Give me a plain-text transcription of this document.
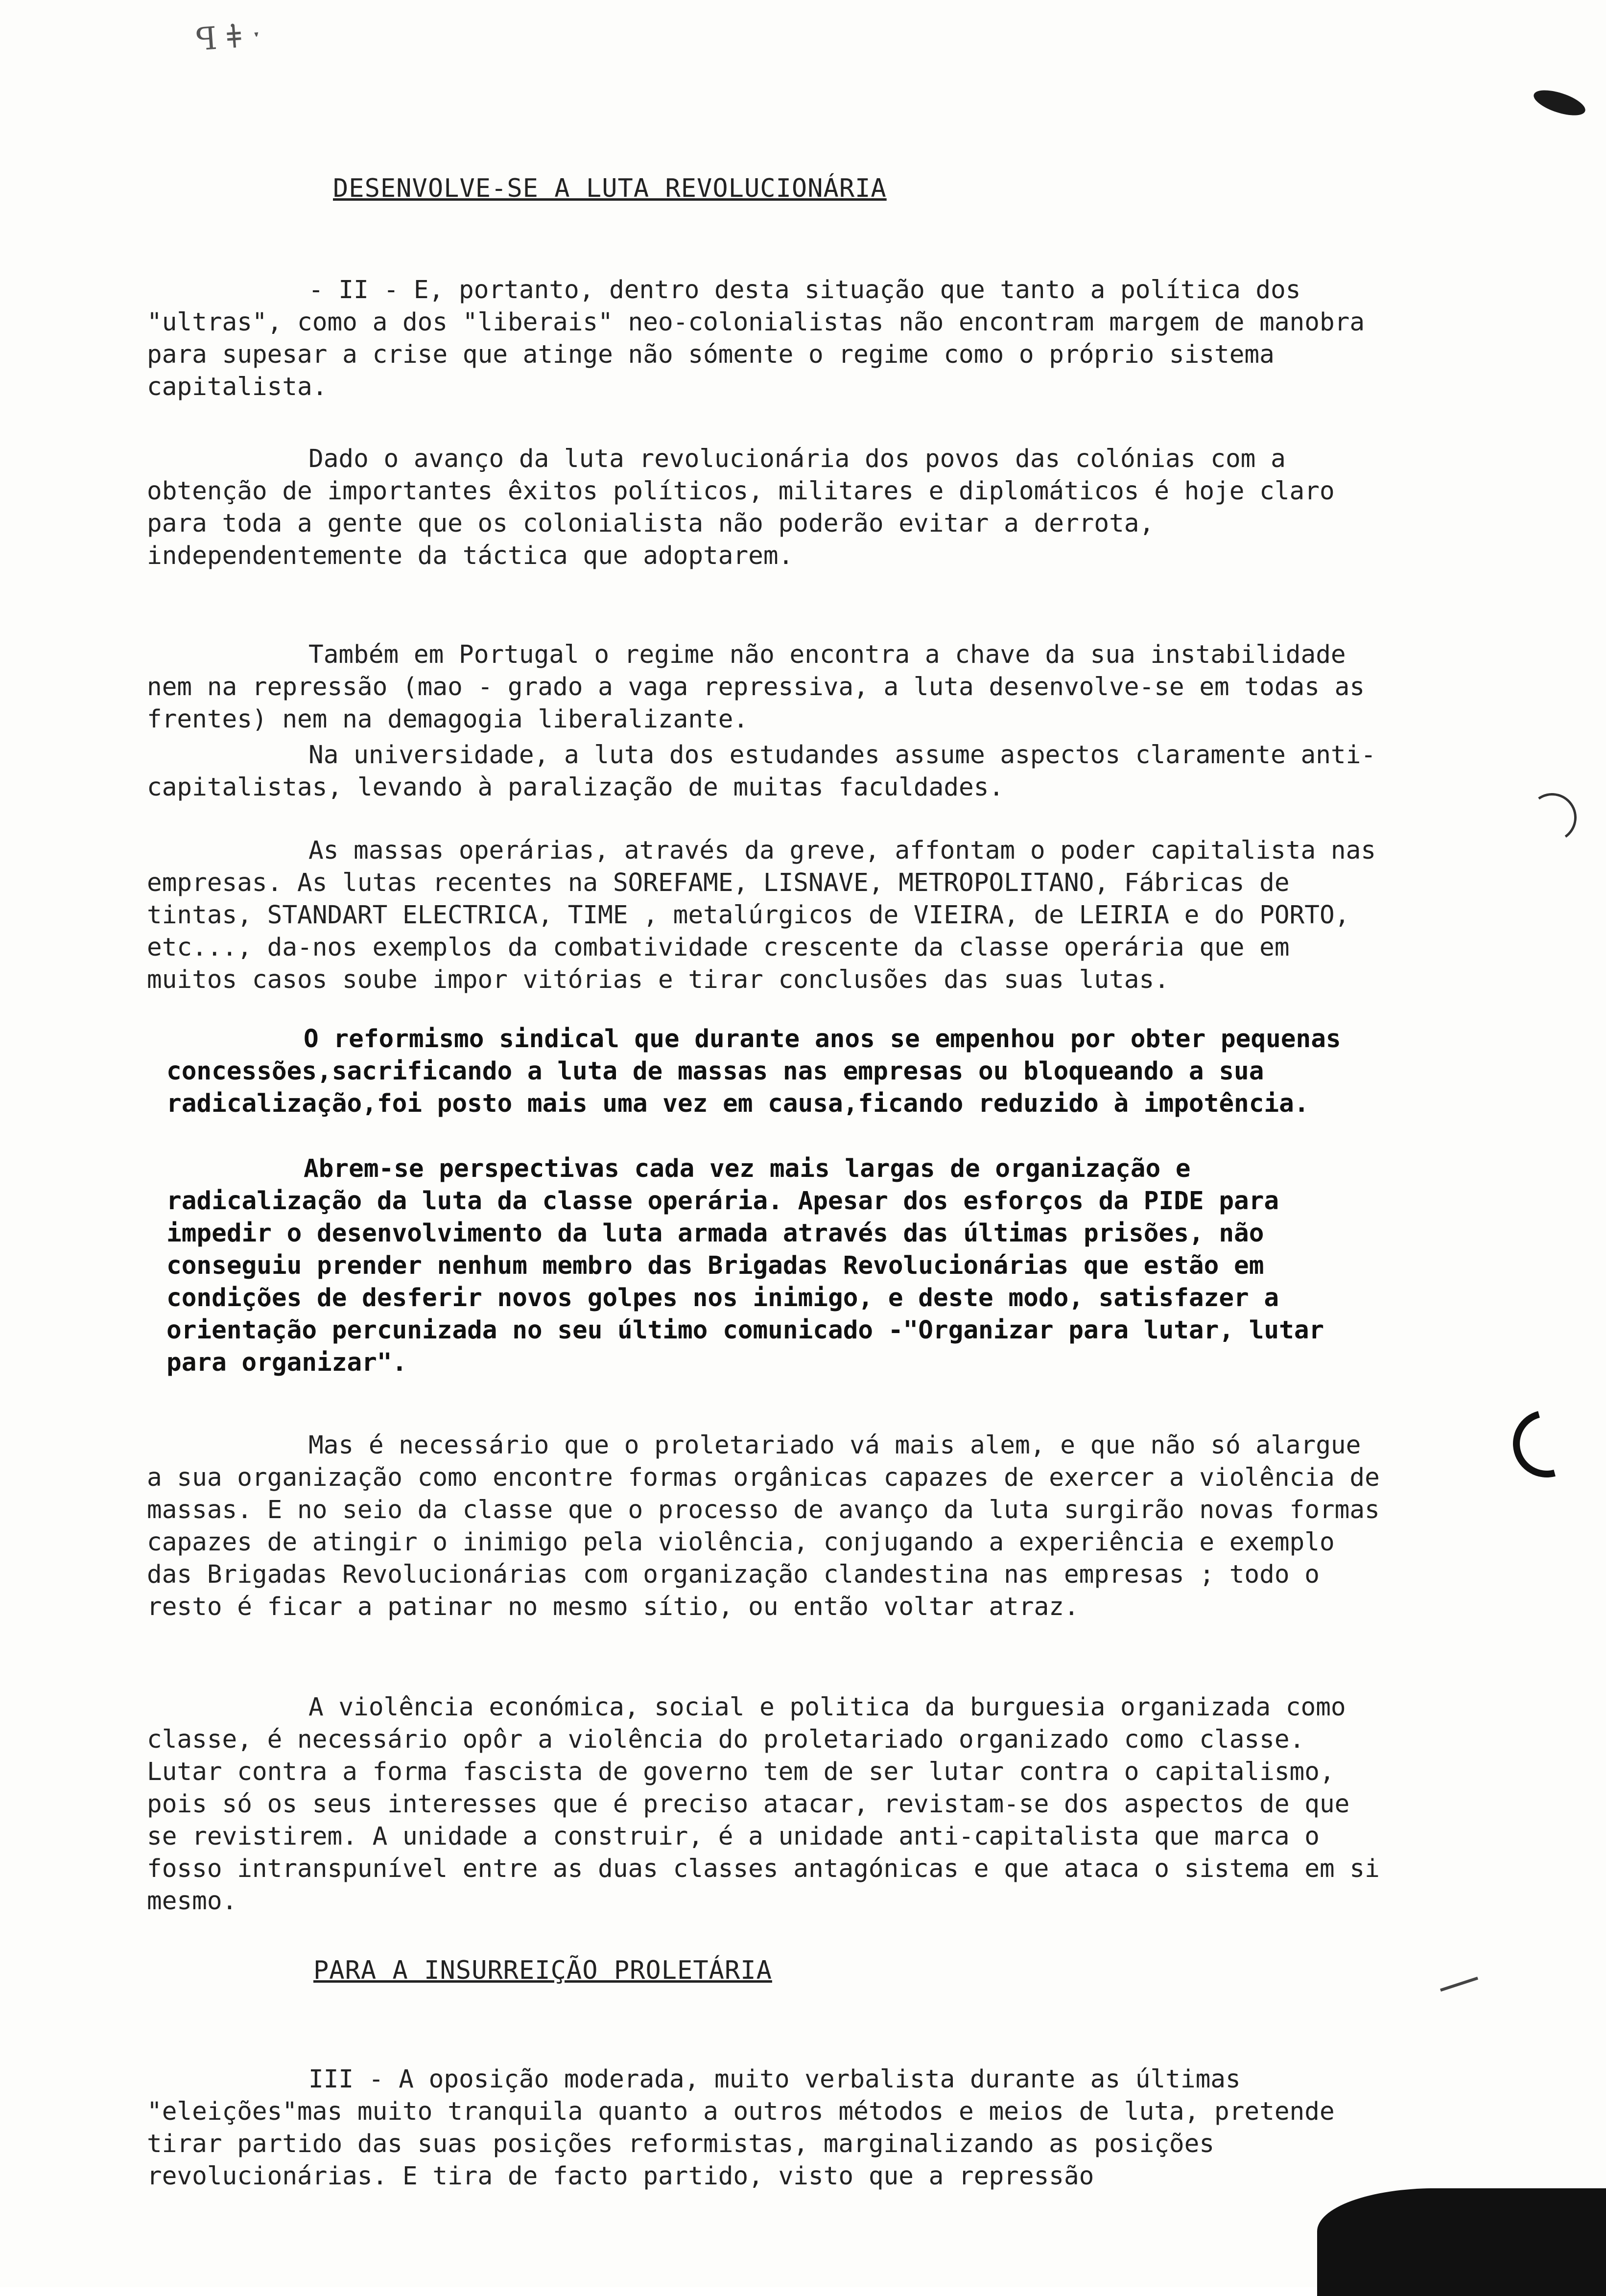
ꟼ ǂ̇ ˑ
DESENVOLVE-SE A LUTA REVOLUCIONÁRIA

- II - E, portanto, dentro desta situação que tanto a política dos "ultras", como a dos "liberais" neo-colonialistas não encontram margem de manobra para supesar a crise que atinge não sómente o regime como o próprio sistema capitalista.

Dado o avanço da luta revolucionária dos povos das colónias com a obtenção de importantes êxitos políticos, militares e diplomáticos é hoje claro para toda a gente que os colonialista não poderão evitar a derrota, independentemente da táctica que adoptarem.

Também em Portugal o regime não encontra a chave da sua instabilidade nem na repressão (mao - grado a vaga repressiva, a luta desenvolve-se em todas as frentes) nem na demagogia liberalizante.

Na universidade, a luta dos estudandes assume aspectos claramente anti-capitalistas, levando à paralização de muitas faculdades.

As massas operárias, através da greve, affontam o poder capitalista nas empresas. As lutas recentes na SOREFAME, LISNAVE, METROPOLITANO, Fábricas de tintas, STANDART ELECTRICA, TIME , metalúrgicos de VIEIRA, de LEIRIA e do PORTO, etc..., da-nos exemplos da combatividade crescente da classe operária que em muitos casos soube impor vitórias e tirar conclusões das suas lutas.

O reformismo sindical que durante anos se empenhou por obter pequenas concessões,sacrificando a luta de massas nas empresas ou bloqueando a sua radicalização,foi posto mais uma vez em causa,ficando reduzido à impotência.

Abrem-se perspectivas cada vez mais largas de organização e radicalização da luta da classe operária. Apesar dos esforços da PIDE para impedir o desenvolvimento da luta armada através das últimas prisões, não conseguiu prender nenhum membro das Brigadas Revolucionárias que estão em condições de desferir novos golpes nos inimigo, e deste modo, satisfazer a orientação percunizada no seu último comunicado -"Organizar para lutar, lutar para organizar".

Mas é necessário que o proletariado vá mais alem, e que não só alargue a sua organização como encontre formas orgânicas capazes de exercer a violência de massas. E no seio da classe que o processo de avanço da luta surgirão novas formas capazes de atingir o inimigo pela violência, conjugando a experiência e exemplo das Brigadas Revolucionárias com organização clandestina nas empresas ; todo o resto é ficar a patinar no mesmo sítio, ou então voltar atraz.

A violência económica, social e politica da burguesia organizada como classe, é necessário opôr a violência do proletariado organizado como classe. Lutar contra a forma fascista de governo tem de ser lutar contra o capitalismo, pois só os seus interesses que é preciso atacar, revistam-se dos aspectos de que se revistirem. A unidade a construir, é a unidade anti-capitalista que marca o fosso intranspunível entre as duas classes antagónicas e que ataca o sistema em si mesmo.

PARA A INSURREIÇÃO PROLETÁRIA

III - A oposição moderada, muito verbalista durante as últimas "eleições"mas muito tranquila quanto a outros métodos e meios de luta, pretende tirar partido das suas posições reformistas, marginalizando as posições revolucionárias. E tira de facto partido, visto que a repressão
